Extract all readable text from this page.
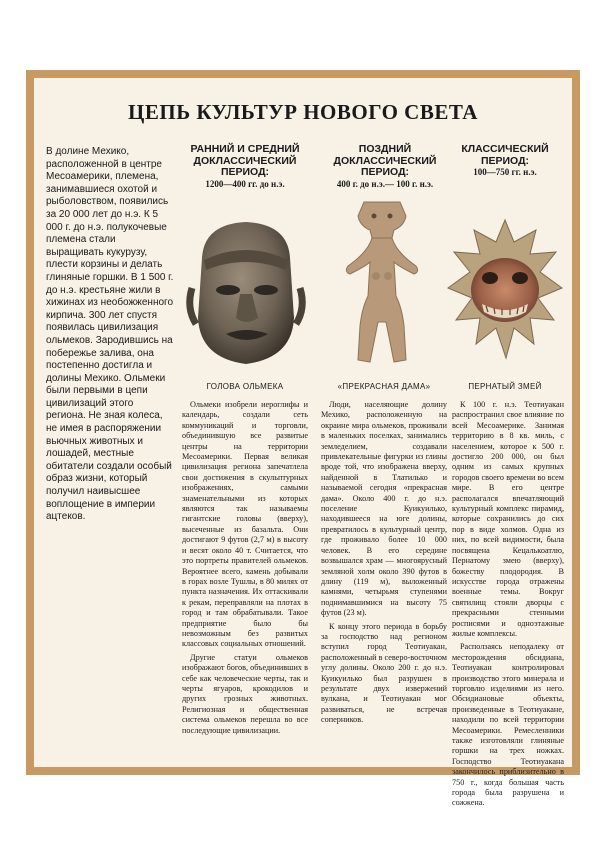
ЦЕПЬ КУЛЬТУР НОВОГО СВЕТА
В долине Мехико, расположенной в центре Месоамерики, племена, занимавшиеся охотой и рыболовством, появились за 20 000 лет до н.э. К 5 000 г. до н.э. полукочевые племена стали выращивать кукурузу, плести корзины и делать глиняные горшки. В 1 500 г. до н.э. крестьяне жили в хижинах из необожженного кирпича. 300 лет спустя появилась цивилизация ольмеков. Зародившись на побережье залива, она постепенно достигла и долины Мехико. Ольмеки были первыми в цепи цивилизаций этого региона. Не зная колеса, не имея в распоряжении вьючных животных и лошадей, местные обитатели создали особый образ жизни, который получил наивысшее воплощение в империи ацтеков.
РАННИЙ И СРЕДНИЙ ДОКЛАССИЧЕСКИЙ ПЕРИОД:
1200—400 гг. до н.э.
ПОЗДНИЙ ДОКЛАССИЧЕСКИЙ ПЕРИОД:
400 г. до н.э.— 100 г. н.э.
КЛАССИЧЕСКИЙ ПЕРИОД:
100—750 гг. н.э.
ГОЛОВА ОЛЬМЕКА	«ПРЕКРАСНАЯ ДАМА»	ПЕРНАТЫЙ ЗМЕЙ

Ольмеки изобрели иероглифы и календарь, создали сеть коммуникаций и торговли, объединившую все развитые центры на территории Месоамерики. Первая великая цивилизация региона запечатлела свои достижения в скульптурных изображениях, самыми знаменательными из которых являются так называемы гигантские головы (вверху), высеченные из базальта. Они достигают 9 футов (2,7 м) в высоту и весят около 40 т. Считается, что это портреты правителей ольмеков. Вероятнее всего, камень добывали в горах возле Тушлы, в 80 милях от пункта назначения. Их оттаскивали к рекам, переправляли на плотах в город и там обрабатывали. Такое предприятие было бы невозможным без развитых классовых социальных отношений.

Другие статуи ольмеков изображают богов, объединивших в себе как человеческие черты, так и черты ягуаров, крокодилов и других грозных животных. Религиозная и общественная система ольмеков перешла во все последующие цивилизации.

Люди, населяющие долину Мехико, расположенную на окраине мира ольмеков, проживали в маленьких поселках, занимались земледелием, создавали привлекательные фигурки из глины вроде той, что изображена вверху, найденной в Тлатилько и называемой сегодня «прекрасная дама». Около 400 г. до н.э. поселение Куикуилько, находившееся на юге долины, превратилось в культурный центр, где проживало более 10 000 человек. В его середине возвышался храм — многоярусный земляной холм около 390 футов в длину (119 м), выложенный камнями, четырьмя ступенями поднимавшимися на высоту 75 футов (23 м).

К концу этого периода в борьбу за господство над регионом вступил город Теотиуакан, расположенный в северо-восточном углу долины. Около 200 г. до н.э. Куикуилько был разрушен в результате двух извержений вулкана, и Теотиуакан мог развиваться, не встречая соперников.

К 100 г. н.э. Теотиуакан распространил свое влияние по всей Месоамерике. Занимая территорию в 8 кв. миль, с населением, которое к 500 г. достигло 200 000, он был одним из самых крупных городов своего времени во всем мире. В его центре располагался впечатляющий культурный комплекс пирамид, которые сохранились до сих пор в виде холмов. Одна из них, по всей видимости, была посвящена Кецалькоатлю, Пернатому змею (вверху), божеству плодородия. В искусстве города отражены военные темы. Вокруг святилищ стояли дворцы с прекрасными стенными росписями и одноэтажные жилые комплексы.

Расползаясь неподалеку от месторождения обсидиана, Теотиуакан контролировал производство этого минерала и торговлю изделиями из него. Обсидиановые объекты, произведенные в Теотиуакане, находили по всей территории Месоамерики. Ремесленники также изготовляли глиняные горшки на трех ножках. Господство Теотиуакана закончилось приблизительно в 750 г., когда большая часть города была разрушена и сожжена.
